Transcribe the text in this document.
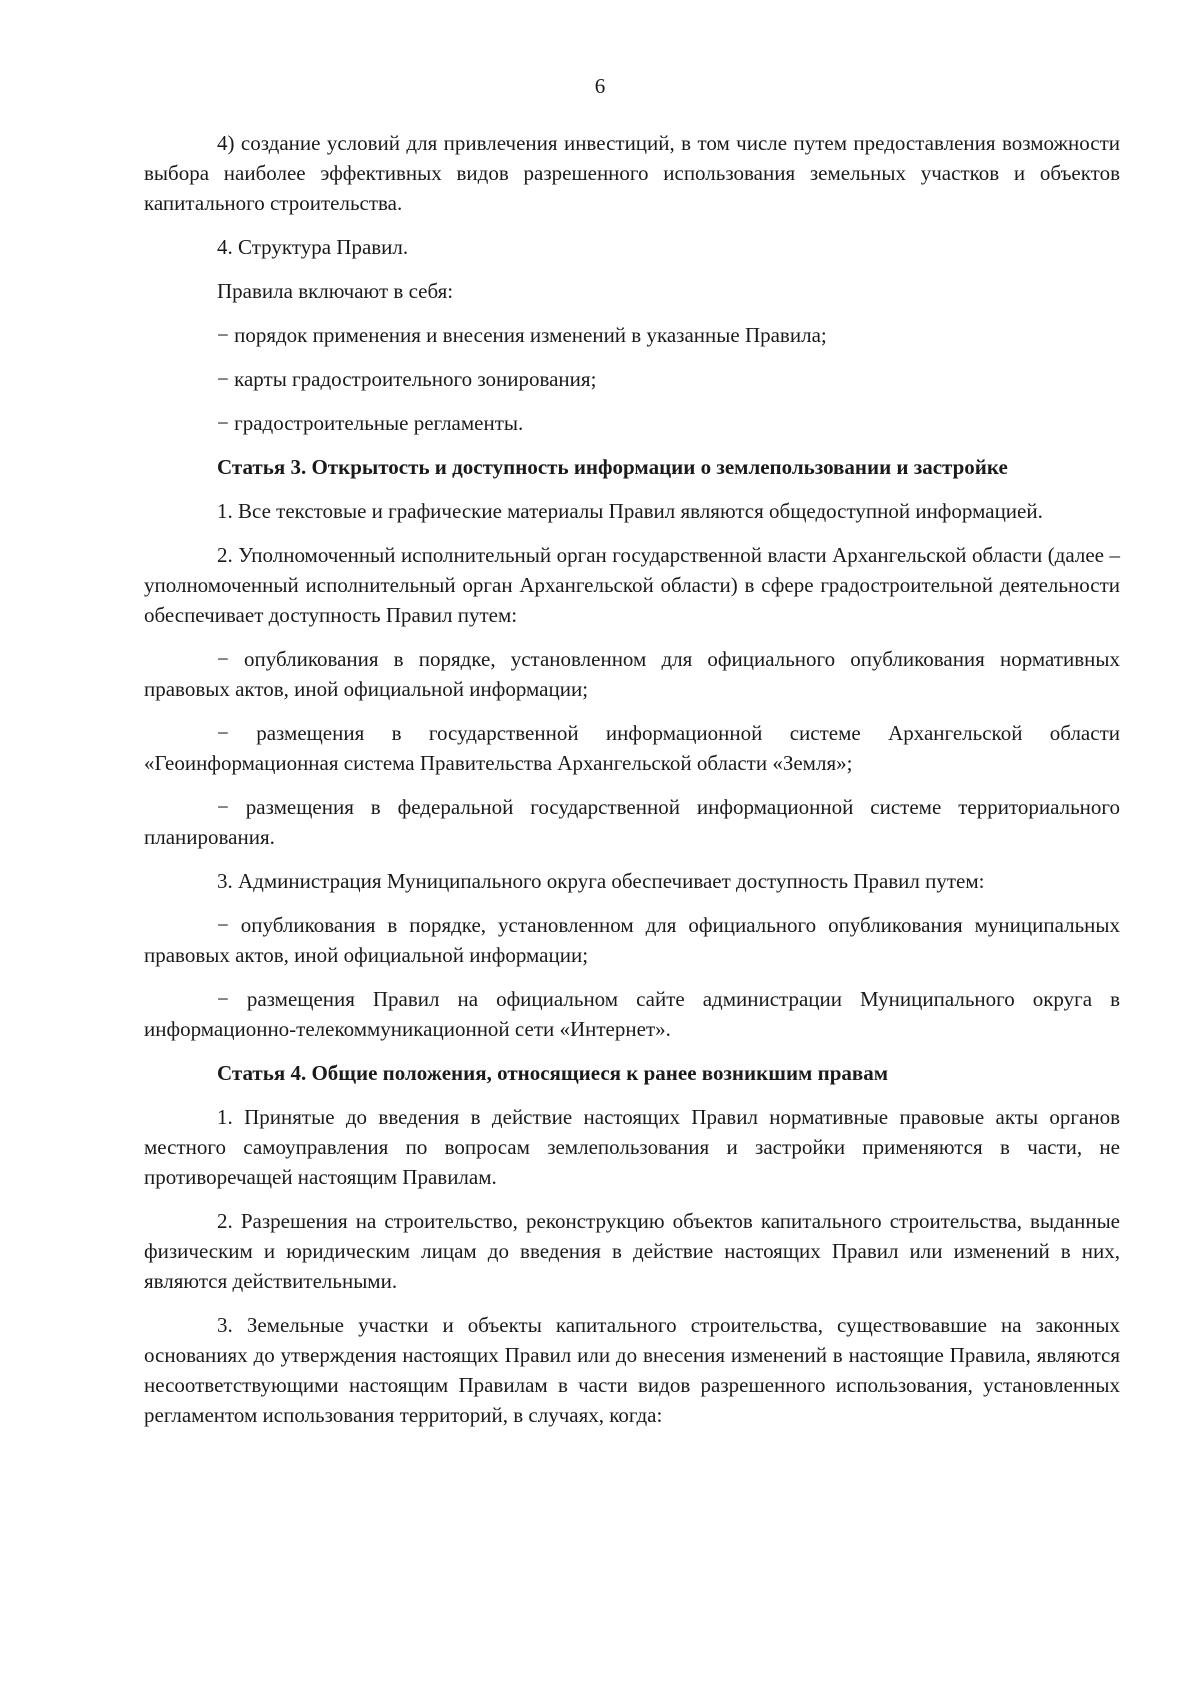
6

4) создание условий для привлечения инвестиций, в том числе путем предоставления возможности выбора наиболее эффективных видов разрешенного использования земельных участков и объектов капитального строительства.

4. Структура Правил.

Правила включают в себя:

− порядок применения и внесения изменений в указанные Правила;

− карты градостроительного зонирования;

− градостроительные регламенты.

Статья 3. Открытость и доступность информации о землепользовании и застройке

1. Все текстовые и графические материалы Правил являются общедоступной информацией.

2. Уполномоченный исполнительный орган государственной власти Архангельской области (далее – уполномоченный исполнительный орган Архангельской области) в сфере градостроительной деятельности обеспечивает доступность Правил путем:

− опубликования в порядке, установленном для официального опубликования нормативных правовых актов, иной официальной информации;

− размещения в государственной информационной системе Архангельской области «Геоинформационная система Правительства Архангельской области «Земля»;

− размещения в федеральной государственной информационной системе территориального планирования.

3. Администрация Муниципального округа обеспечивает доступность Правил путем:

− опубликования в порядке, установленном для официального опубликования муниципальных правовых актов, иной официальной информации;

− размещения Правил на официальном сайте администрации Муниципального округа в информационно-телекоммуникационной сети «Интернет».

Статья 4. Общие положения, относящиеся к ранее возникшим правам

1. Принятые до введения в действие настоящих Правил нормативные правовые акты органов местного самоуправления по вопросам землепользования и застройки применяются в части, не противоречащей настоящим Правилам.

2. Разрешения на строительство, реконструкцию объектов капитального строительства, выданные физическим и юридическим лицам до введения в действие настоящих Правил или изменений в них, являются действительными.

3. Земельные участки и объекты капитального строительства, существовавшие на законных основаниях до утверждения настоящих Правил или до внесения изменений в настоящие Правила, являются несоответствующими настоящим Правилам в части видов разрешенного использования, установленных регламентом использования территорий, в случаях, когда:
